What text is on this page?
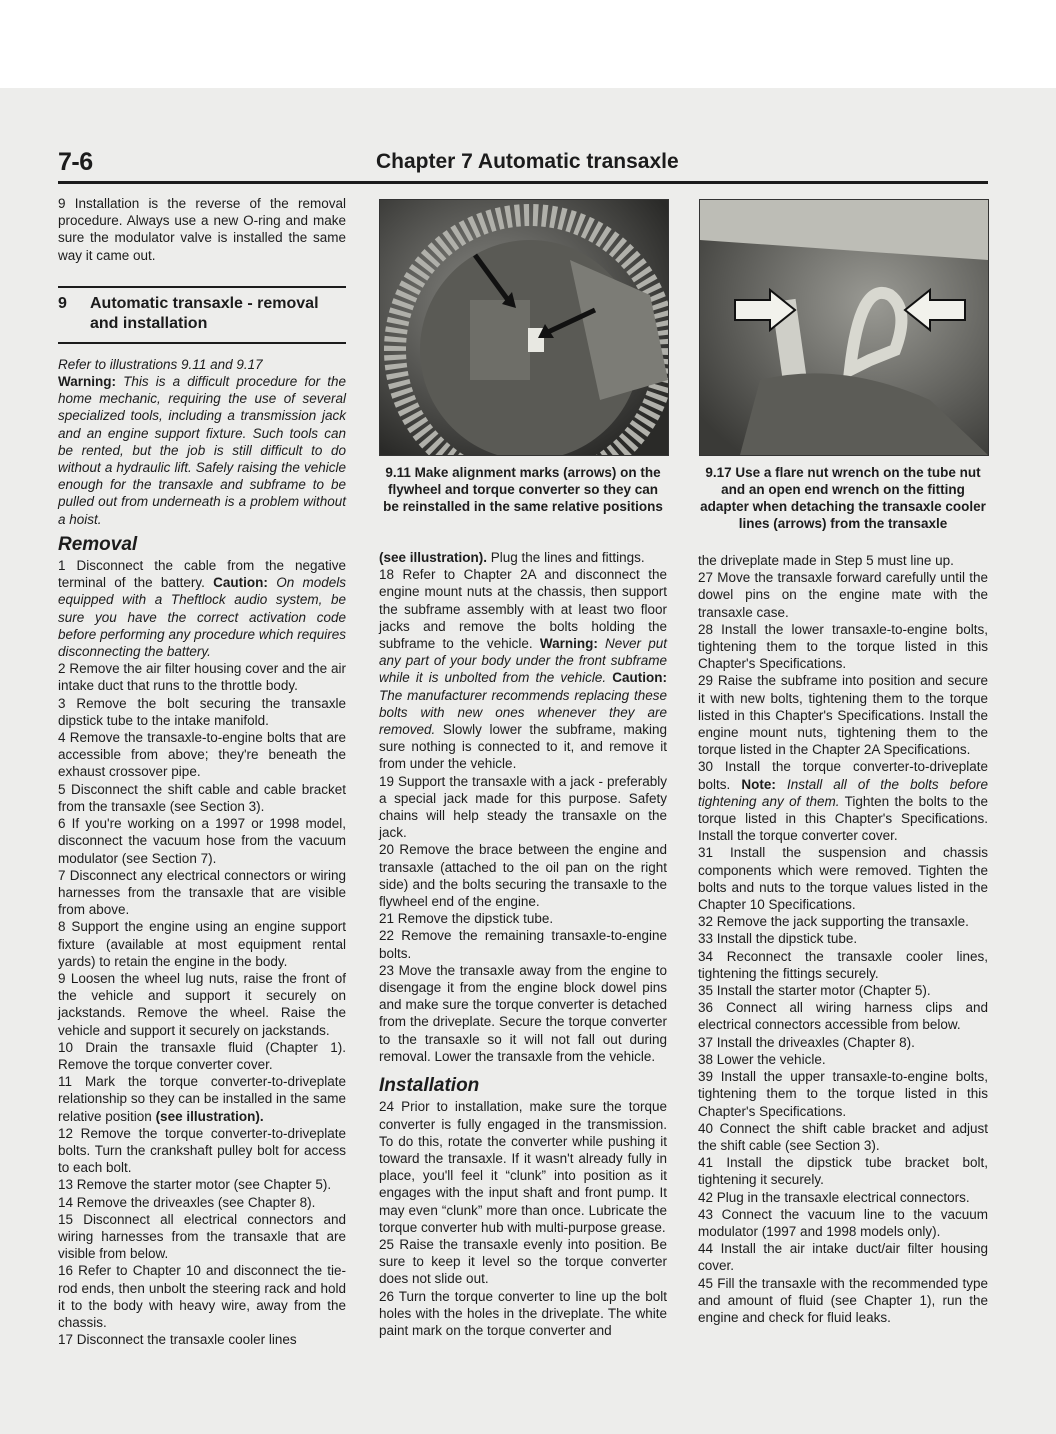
7-6	Chapter 7 Automatic transaxle

9 Installation is the reverse of the removal procedure. Always use a new O-ring and make sure the modulator valve is installed the same way it came out.

9	Automatic transaxle - removal and installation

Refer to illustrations 9.11 and 9.17

Warning: This is a difficult procedure for the home mechanic, requiring the use of several specialized tools, including a transmission jack and an engine support fixture. Such tools can be rented, but the job is still difficult to do without a hydraulic lift. Safely raising the vehicle enough for the transaxle and subframe to be pulled out from underneath is a problem without a hoist.

Removal

1 Disconnect the cable from the negative terminal of the battery. Caution: On models equipped with a Theftlock audio system, be sure you have the correct activation code before performing any procedure which requires disconnecting the battery.

2 Remove the air filter housing cover and the air intake duct that runs to the throttle body.

3 Remove the bolt securing the transaxle dipstick tube to the intake manifold.

4 Remove the transaxle-to-engine bolts that are accessible from above; they're beneath the exhaust crossover pipe.

5 Disconnect the shift cable and cable bracket from the transaxle (see Section 3).

6 If you're working on a 1997 or 1998 model, disconnect the vacuum hose from the vacuum modulator (see Section 7).

7 Disconnect any electrical connectors or wiring harnesses from the transaxle that are visible from above.

8 Support the engine using an engine support fixture (available at most equipment rental yards) to retain the engine in the body.

9 Loosen the wheel lug nuts, raise the front of the vehicle and support it securely on jackstands. Remove the wheel. Raise the vehicle and support it securely on jackstands.

10 Drain the transaxle fluid (Chapter 1). Remove the torque converter cover.

11 Mark the torque converter-to-driveplate relationship so they can be installed in the same relative position (see illustration).

12 Remove the torque converter-to-driveplate bolts. Turn the crankshaft pulley bolt for access to each bolt.

13 Remove the starter motor (see Chapter 5).

14 Remove the driveaxles (see Chapter 8).

15 Disconnect all electrical connectors and wiring harnesses from the transaxle that are visible from below.

16 Refer to Chapter 10 and disconnect the tie-rod ends, then unbolt the steering rack and hold it to the body with heavy wire, away from the chassis.

17 Disconnect the transaxle cooler lines

9.11 Make alignment marks (arrows) on the flywheel and torque converter so they can be reinstalled in the same relative positions
9.17 Use a flare nut wrench on the tube nut and an open end wrench on the fitting adapter when detaching the transaxle cooler lines (arrows) from the transaxle

(see illustration). Plug the lines and fittings.

18 Refer to Chapter 2A and disconnect the engine mount nuts at the chassis, then support the subframe assembly with at least two floor jacks and remove the bolts holding the subframe to the vehicle. Warning: Never put any part of your body under the front subframe while it is unbolted from the vehicle. Caution: The manufacturer recommends replacing these bolts with new ones whenever they are removed. Slowly lower the subframe, making sure nothing is connected to it, and remove it from under the vehicle.

19 Support the transaxle with a jack - preferably a special jack made for this purpose. Safety chains will help steady the transaxle on the jack.

20 Remove the brace between the engine and transaxle (attached to the oil pan on the right side) and the bolts securing the transaxle to the flywheel end of the engine.

21 Remove the dipstick tube.

22 Remove the remaining transaxle-to-engine bolts.

23 Move the transaxle away from the engine to disengage it from the engine block dowel pins and make sure the torque converter is detached from the driveplate. Secure the torque converter to the transaxle so it will not fall out during removal. Lower the transaxle from the vehicle.

Installation

24 Prior to installation, make sure the torque converter is fully engaged in the transmission. To do this, rotate the converter while pushing it toward the transaxle. If it wasn't already fully in place, you'll feel it “clunk” into position as it engages with the input shaft and front pump. It may even “clunk” more than once. Lubricate the torque converter hub with multi-purpose grease.

25 Raise the transaxle evenly into position. Be sure to keep it level so the torque converter does not slide out.

26 Turn the torque converter to line up the bolt holes with the holes in the driveplate. The white paint mark on the torque converter and

the driveplate made in Step 5 must line up.

27 Move the transaxle forward carefully until the dowel pins on the engine mate with the transaxle case.

28 Install the lower transaxle-to-engine bolts, tightening them to the torque listed in this Chapter's Specifications.

29 Raise the subframe into position and secure it with new bolts, tightening them to the torque listed in this Chapter's Specifications. Install the engine mount nuts, tightening them to the torque listed in the Chapter 2A Specifications.

30 Install the torque converter-to-driveplate bolts. Note: Install all of the bolts before tightening any of them. Tighten the bolts to the torque listed in this Chapter's Specifications. Install the torque converter cover.

31 Install the suspension and chassis components which were removed. Tighten the bolts and nuts to the torque values listed in the Chapter 10 Specifications.

32 Remove the jack supporting the transaxle.

33 Install the dipstick tube.

34 Reconnect the transaxle cooler lines, tightening the fittings securely.

35 Install the starter motor (Chapter 5).

36 Connect all wiring harness clips and electrical connectors accessible from below.

37 Install the driveaxles (Chapter 8).

38 Lower the vehicle.

39 Install the upper transaxle-to-engine bolts, tightening them to the torque listed in this Chapter's Specifications.

40 Connect the shift cable bracket and adjust the shift cable (see Section 3).

41 Install the dipstick tube bracket bolt, tightening it securely.

42 Plug in the transaxle electrical connectors.

43 Connect the vacuum line to the vacuum modulator (1997 and 1998 models only).

44 Install the air intake duct/air filter housing cover.

45 Fill the transaxle with the recommended type and amount of fluid (see Chapter 1), run the engine and check for fluid leaks.
